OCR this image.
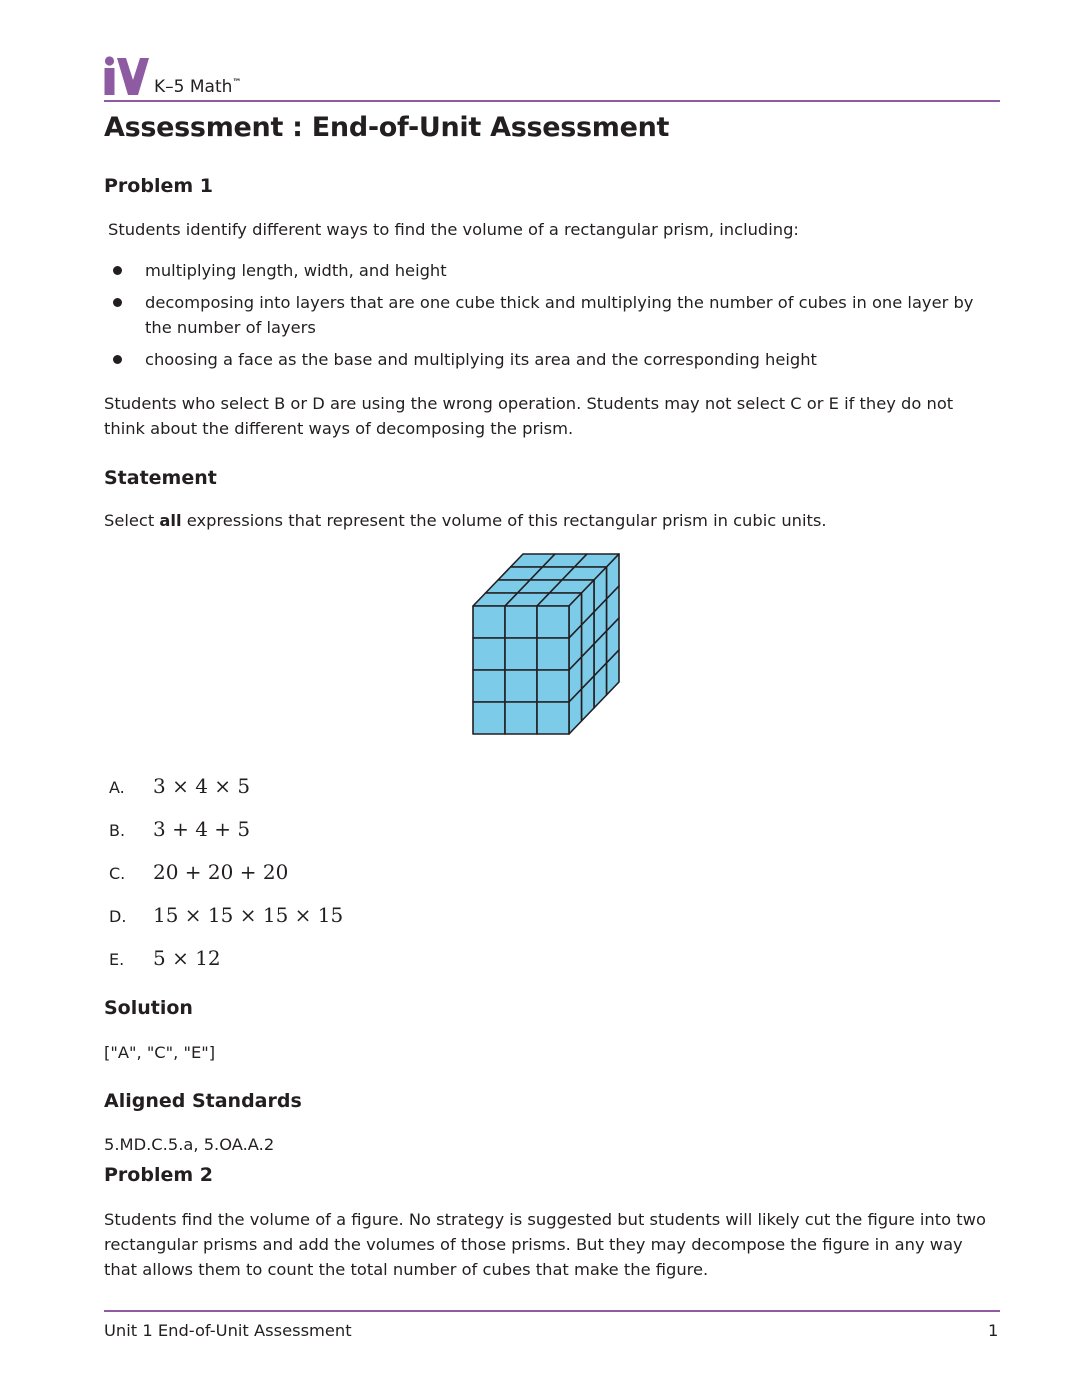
K–5 Math™
Assessment : End-of-Unit Assessment
Problem 1

Students identify different ways to find the volume of a rectangular prism, including:

multiplying length, width, and height
decomposing into layers that are one cube thick and multiplying the number of cubes in one layer by the number of layers
choosing a face as the base and multiplying its area and the corresponding height

Students who select B or D are using the wrong operation. Students may not select C or E if they do not think about the different ways of decomposing the prism.

Statement

Select all expressions that represent the volume of this rectangular prism in cubic units.

A. 3 × 4 × 5
B. 3 + 4 + 5
C. 20 + 20 + 20
D. 15 × 15 × 15 × 15
E. 5 × 12
Solution

["A", "C", "E"]

Aligned Standards

5.MD.C.5.a, 5.OA.A.2

Problem 2

Students find the volume of a figure. No strategy is suggested but students will likely cut the figure into two rectangular prisms and add the volumes of those prisms. But they may decompose the figure in any way that allows them to count the total number of cubes that make the figure.

Unit 1 End-of-Unit Assessment	1
